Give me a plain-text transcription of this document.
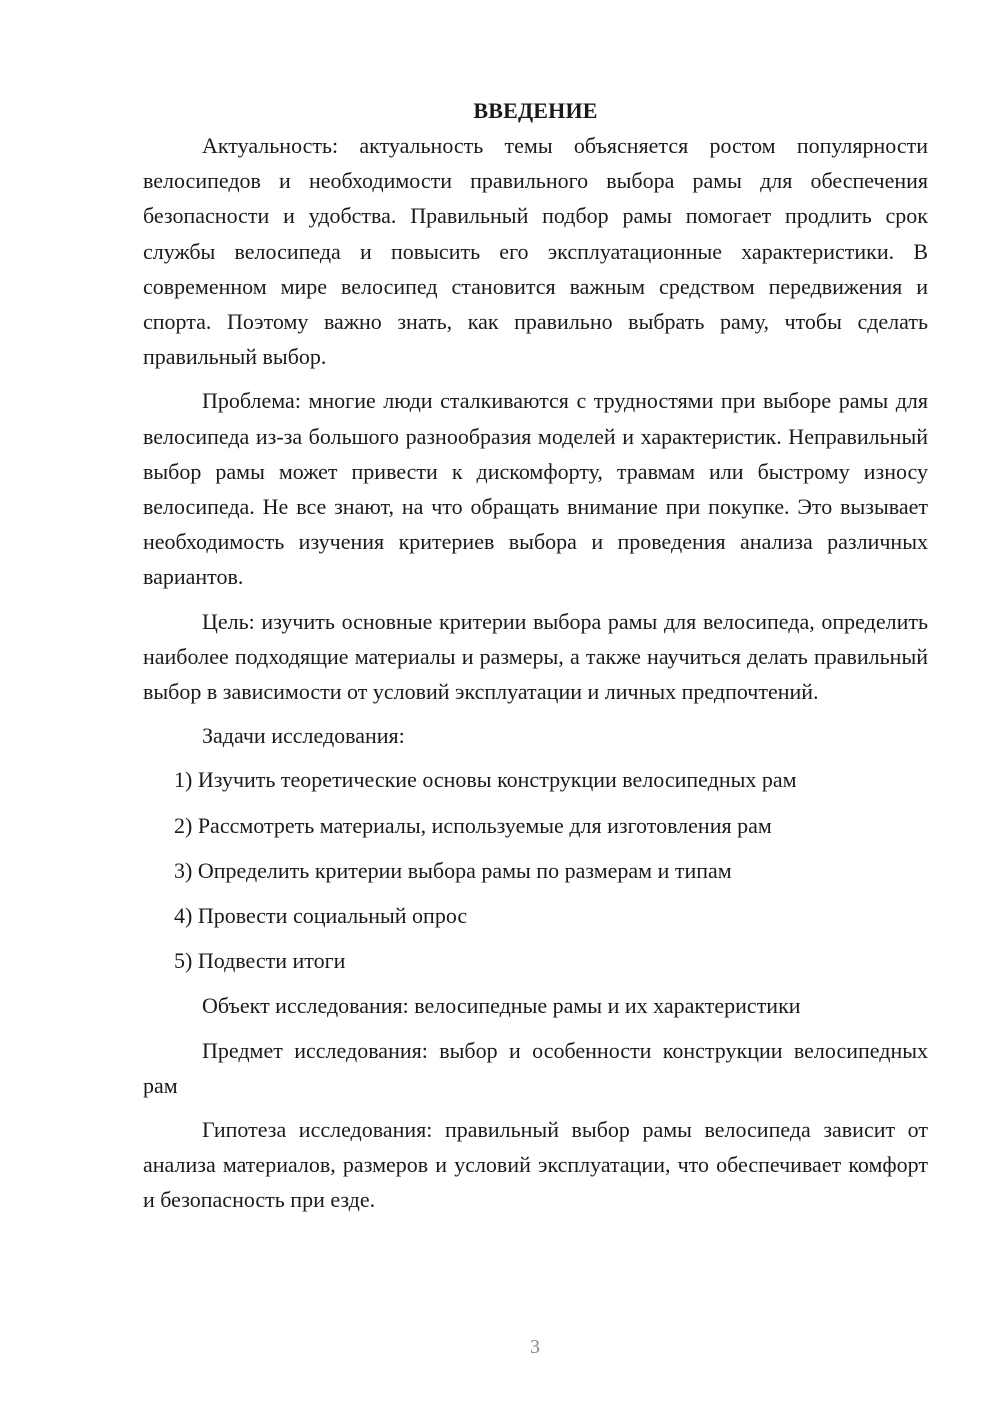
ВВЕДЕНИЕ

Актуальность: актуальность темы объясняется ростом популярности велосипедов и необходимости правильного выбора рамы для обеспечения безопасности и удобства. Правильный подбор рамы помогает продлить срок службы велосипеда и повысить его эксплуатационные характеристики. В современном мире велосипед становится важным средством передвижения и спорта. Поэтому важно знать, как правильно выбрать раму, чтобы сделать правильный выбор.

Проблема: многие люди сталкиваются с трудностями при выборе рамы для велосипеда из-за большого разнообразия моделей и характеристик. Неправильный выбор рамы может привести к дискомфорту, травмам или быстрому износу велосипеда. Не все знают, на что обращать внимание при покупке. Это вызывает необходимость изучения критериев выбора и проведения анализа различных вариантов.

Цель: изучить основные критерии выбора рамы для велосипеда, определить наиболее подходящие материалы и размеры, а также научиться делать правильный выбор в зависимости от условий эксплуатации и личных предпочтений.

Задачи исследования:

1) Изучить теоретические основы конструкции велосипедных рам
2) Рассмотреть материалы, используемые для изготовления рам
3) Определить критерии выбора рамы по размерам и типам
4) Провести социальный опрос
5) Подвести итоги

Объект исследования: велосипедные рамы и их характеристики

Предмет исследования: выбор и особенности конструкции велосипедных рам

Гипотеза исследования: правильный выбор рамы велосипеда зависит от анализа материалов, размеров и условий эксплуатации, что обеспечивает комфорт и безопасность при езде.

3
